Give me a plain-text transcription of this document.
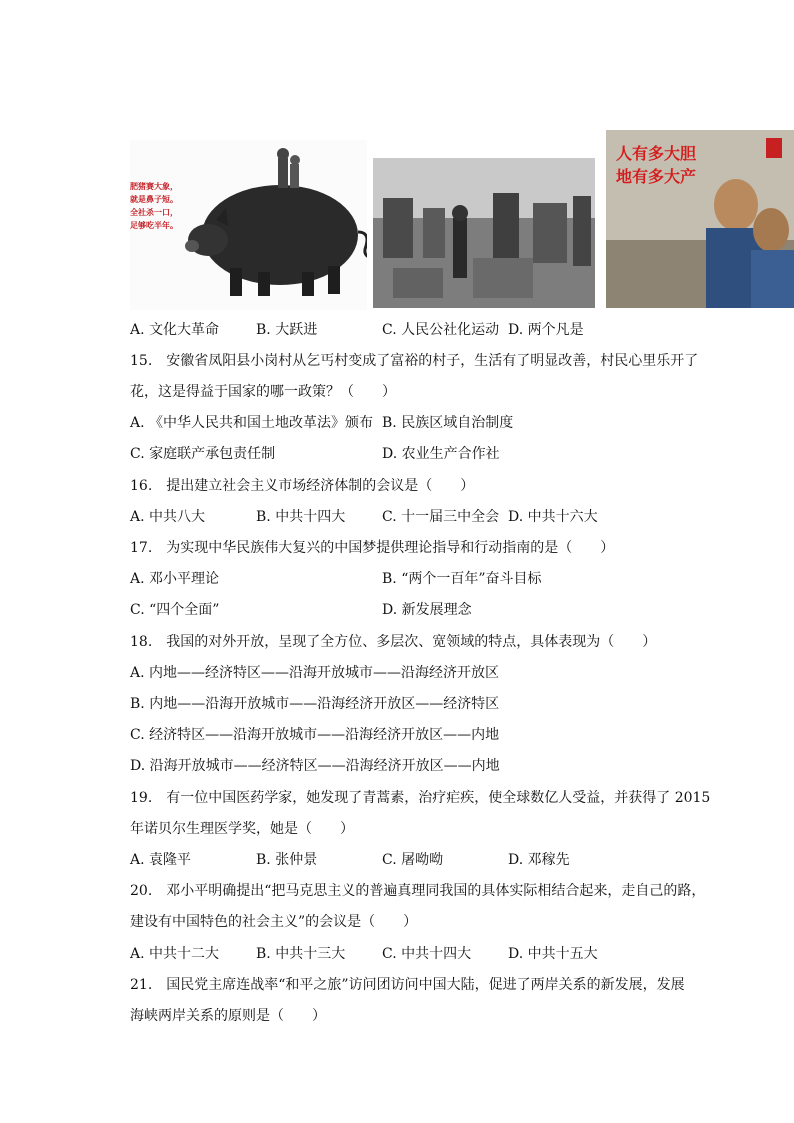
肥猪赛大象，
就是鼻子短。
全社杀一口，
足够吃半年。
人有多大胆
地有多大产
A. 文化大革命	B. 大跃进	C. 人民公社化运动 D. 两个凡是
15.　安徽省凤阳县小岗村从乞丐村变成了富裕的村子，生活有了明显改善，村民心里乐开了
花，这是得益于国家的哪一政策？（　　）
A. 《中华人民共和国土地改革法》颁布 B. 民族区域自治制度
C. 家庭联产承包责任制	D. 农业生产合作社
16.　提出建立社会主义市场经济体制的会议是（　　）
A. 中共八大	B. 中共十四大	C. 十一届三中全会 D. 中共十六大
17.　为实现中华民族伟大复兴的中国梦提供理论指导和行动指南的是（　　）
A. 邓小平理论	B. “两个一百年”奋斗目标
C. “四个全面”	D. 新发展理念
18.　我国的对外开放，呈现了全方位、多层次、宽领域的特点，具体表现为（　　）
A. 内地——经济特区——沿海开放城市——沿海经济开放区
B. 内地——沿海开放城市——沿海经济开放区——经济特区
C. 经济特区——沿海开放城市——沿海经济开放区——内地
D. 沿海开放城市——经济特区——沿海经济开放区——内地
19.　有一位中国医药学家，她发现了青蒿素，治疗疟疾，使全球数亿人受益，并获得了 2015
年诺贝尔生理医学奖，她是（　　）
A. 袁隆平	B. 张仲景	C. 屠呦呦	D. 邓稼先
20.　邓小平明确提出“把马克思主义的普遍真理同我国的具体实际相结合起来，走自己的路，
建设有中国特色的社会主义”的会议是（　　）
A. 中共十二大	B. 中共十三大	C. 中共十四大	D. 中共十五大
21.　国民党主席连战率“和平之旅”访问团访问中国大陆，促进了两岸关系的新发展，发展
海峡两岸关系的原则是（　　）
